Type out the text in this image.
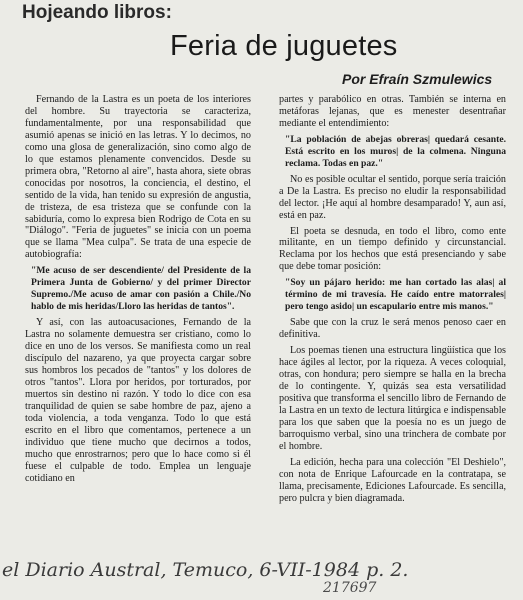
Hojeando libros:
Feria de juguetes
Por Efraín Szmulewics

Fernando de la Lastra es un poeta de los interiores del hombre. Su trayectoria se caracteriza, fundamentalmente, por una responsabilidad que asumió apenas se inició en las letras. Y lo decimos, no como una glosa de generalización, sino como algo de lo que estamos plenamente convencidos. Desde su primera obra, "Retorno al aire", hasta ahora, siete obras conocidas por nosotros, la conciencia, el destino, el sentido de la vida, han tenido su expresión de angustia, de tristeza, de esa tristeza que se confunde con la sabiduría, como lo expresa bien Rodrigo de Cota en su "Diálogo". "Feria de juguetes" se inicia con un poema que se llama "Mea culpa". Se trata de una especie de autobiografía:

"Me acuso de ser descendiente/ del Presidente de la Primera Junta de Gobierno/ y del primer Director Supremo./Me acuso de amar con pasión a Chile./No hablo de mis heridas/Lloro las heridas de tantos".

Y así, con las autoacusaciones, Fernando de la Lastra no solamente demuestra ser cristiano, como lo dice en uno de los versos. Se manifiesta como un real discípulo del nazareno, ya que proyecta cargar sobre sus hombros los pecados de "tantos" y los dolores de otros "tantos". Llora por heridos, por torturados, por muertos sin destino ni razón. Y todo lo dice con esa tranquilidad de quien se sabe hombre de paz, ajeno a toda violencia, a toda venganza. Todo lo que está escrito en el libro que comentamos, pertenece a un individuo que tiene mucho que decirnos a todos, mucho que enrostrarnos; pero que lo hace como si él fuese el culpable de todo. Emplea un lenguaje cotidiano en

partes y parabólico en otras. También se interna en metáforas lejanas, que es menester desentrañar mediante el entendimiento:

"La población de abejas obreras| quedará cesante. Está escrito en los muros| de la colmena. Ninguna reclama. Todas en paz."

No es posible ocultar el sentido, porque sería traición a De la Lastra. Es preciso no eludir la responsabilidad del lector. ¡He aquí al hombre desamparado! Y, aun así, está en paz.

El poeta se desnuda, en todo el libro, como ente militante, en un tiempo definido y circunstancial. Reclama por los hechos que está presenciando y sabe que debe tomar posición:

"Soy un pájaro herido: me han cortado las alas| al término de mi travesía. He caído entre matorrales| pero tengo asido| un escapulario entre mis manos."

Sabe que con la cruz le será menos penoso caer en definitiva.

Los poemas tienen una estructura lingüística que los hace ágiles al lector, por la riqueza. A veces coloquial, otras, con hondura; pero siempre se halla en la brecha de lo contingente. Y, quizás sea esta versatilidad positiva que transforma el sencillo libro de Fernando de la Lastra en un texto de lectura litúrgica e indispensable para los que saben que la poesía no es un juego de barroquismo verbal, sino una trinchera de combate por el hombre.

La edición, hecha para una colección "El Deshielo", con nota de Enrique Lafourcade en la contratapa, se llama, precisamente, Ediciones Lafourcade. Es sencilla, pero pulcra y bien diagramada.

el Diario Austral, Temuco, 6-VII-1984 p. 2.
217697
